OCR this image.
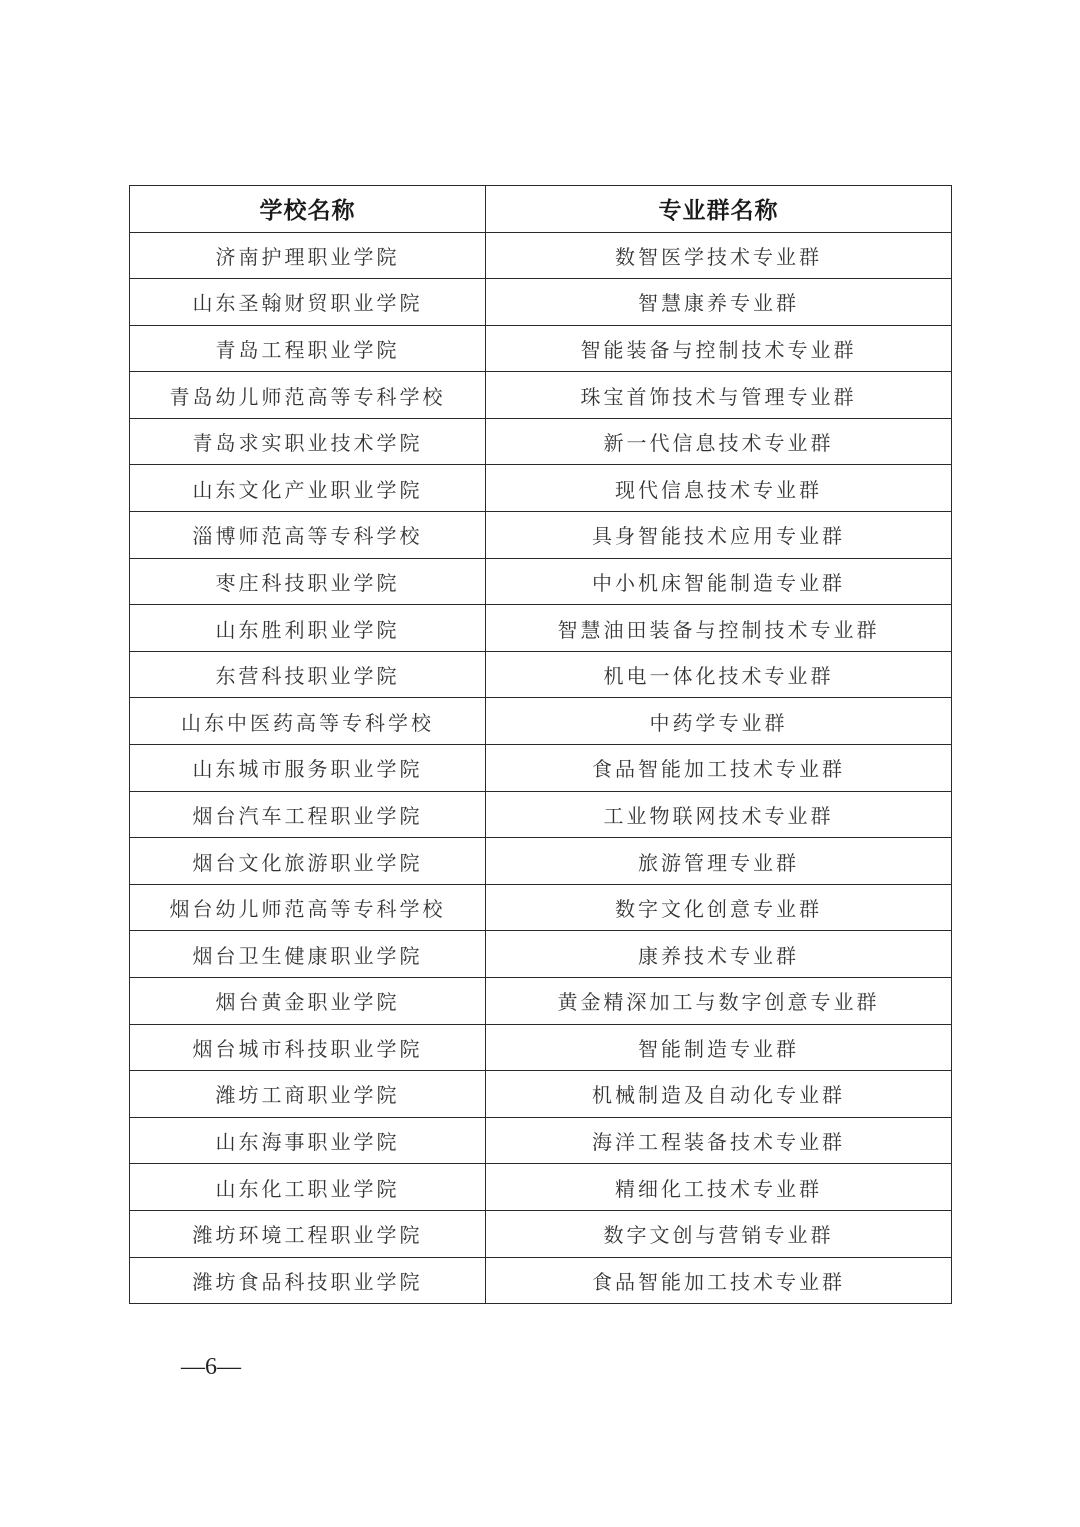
学校名称	专业群名称
济南护理职业学院	数智医学技术专业群
山东圣翰财贸职业学院	智慧康养专业群
青岛工程职业学院	智能装备与控制技术专业群
青岛幼儿师范高等专科学校	珠宝首饰技术与管理专业群
青岛求实职业技术学院	新一代信息技术专业群
山东文化产业职业学院	现代信息技术专业群
淄博师范高等专科学校	具身智能技术应用专业群
枣庄科技职业学院	中小机床智能制造专业群
山东胜利职业学院	智慧油田装备与控制技术专业群
东营科技职业学院	机电一体化技术专业群
山东中医药高等专科学校	中药学专业群
山东城市服务职业学院	食品智能加工技术专业群
烟台汽车工程职业学院	工业物联网技术专业群
烟台文化旅游职业学院	旅游管理专业群
烟台幼儿师范高等专科学校	数字文化创意专业群
烟台卫生健康职业学院	康养技术专业群
烟台黄金职业学院	黄金精深加工与数字创意专业群
烟台城市科技职业学院	智能制造专业群
潍坊工商职业学院	机械制造及自动化专业群
山东海事职业学院	海洋工程装备技术专业群
山东化工职业学院	精细化工技术专业群
潍坊环境工程职业学院	数字文创与营销专业群
潍坊食品科技职业学院	食品智能加工技术专业群
—6—
